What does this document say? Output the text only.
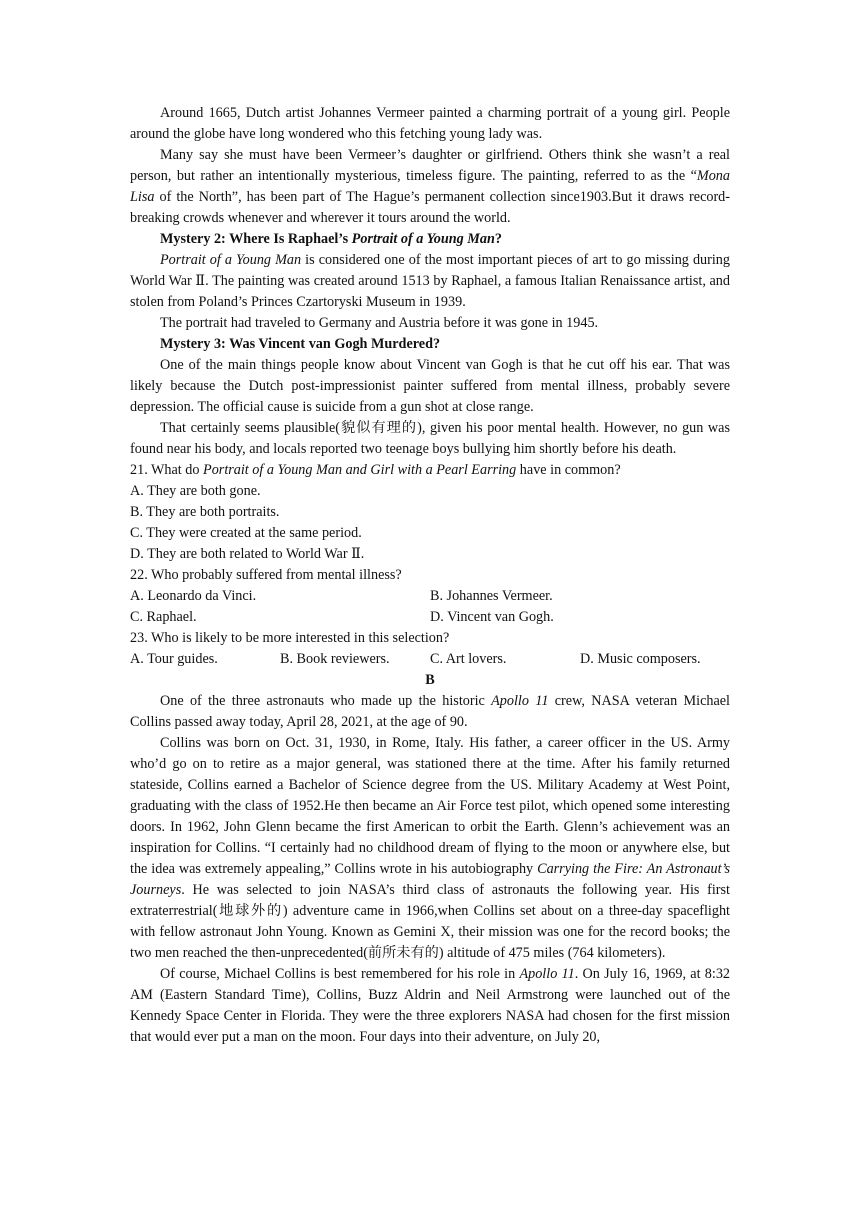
Around 1665, Dutch artist Johannes Vermeer painted a charming portrait of a young girl. People around the globe have long wondered who this fetching young lady was.

Many say she must have been Vermeer’s daughter or girlfriend. Others think she wasn’t a real person, but rather an intentionally mysterious, timeless figure. The painting, referred to as the “Mona Lisa of the North”, has been part of The Hague’s permanent collection since1903.But it draws record-breaking crowds whenever and wherever it tours around the world.

Mystery 2: Where Is Raphael’s Portrait of a Young Man?

Portrait of a Young Man is considered one of the most important pieces of art to go missing during World War Ⅱ. The painting was created around 1513 by Raphael, a famous Italian Renaissance artist, and stolen from Poland’s Princes Czartoryski Museum in 1939.

The portrait had traveled to Germany and Austria before it was gone in 1945.

Mystery 3: Was Vincent van Gogh Murdered?

One of the main things people know about Vincent van Gogh is that he cut off his ear. That was likely because the Dutch post-impressionist painter suffered from mental illness, probably severe depression. The official cause is suicide from a gun shot at close range.

That certainly seems plausible(貌似有理的), given his poor mental health. However, no gun was found near his body, and locals reported two teenage boys bullying him shortly before his death.

21. What do Portrait of a Young Man and Girl with a Pearl Earring have in common?

A. They are both gone.

B. They are both portraits.

C. They were created at the same period.

D. They are both related to World War Ⅱ.

22. Who probably suffered from mental illness?

A. Leonardo da Vinci.	B. Johannes Vermeer.
C. Raphael.	D. Vincent van Gogh.

23. Who is likely to be more interested in this selection?

A. Tour guides.	B. Book reviewers.	C. Art lovers.	D. Music composers.

B

One of the three astronauts who made up the historic Apollo 11 crew, NASA veteran Michael Collins passed away today, April 28, 2021, at the age of 90.

Collins was born on Oct. 31, 1930, in Rome, Italy. His father, a career officer in the US. Army who’d go on to retire as a major general, was stationed there at the time. After his family returned stateside, Collins earned a Bachelor of Science degree from the US. Military Academy at West Point, graduating with the class of 1952.He then became an Air Force test pilot, which opened some interesting doors. In 1962, John Glenn became the first American to orbit the Earth. Glenn’s achievement was an inspiration for Collins. “I certainly had no childhood dream of flying to the moon or anywhere else, but the idea was extremely appealing,” Collins wrote in his autobiography Carrying the Fire: An Astronaut’s Journeys. He was selected to join NASA’s third class of astronauts the following year. His first extraterrestrial(地球外的) adventure came in 1966,when Collins set about on a three-day spaceflight with fellow astronaut John Young. Known as Gemini X, their mission was one for the record books; the two men reached the then-unprecedented(前所未有的) altitude of 475 miles (764 kilometers).

Of course, Michael Collins is best remembered for his role in Apollo 11. On July 16, 1969, at 8:32 AM (Eastern Standard Time), Collins, Buzz Aldrin and Neil Armstrong were launched out of the Kennedy Space Center in Florida. They were the three explorers NASA had chosen for the first mission that would ever put a man on the moon. Four days into their adventure, on July 20,
